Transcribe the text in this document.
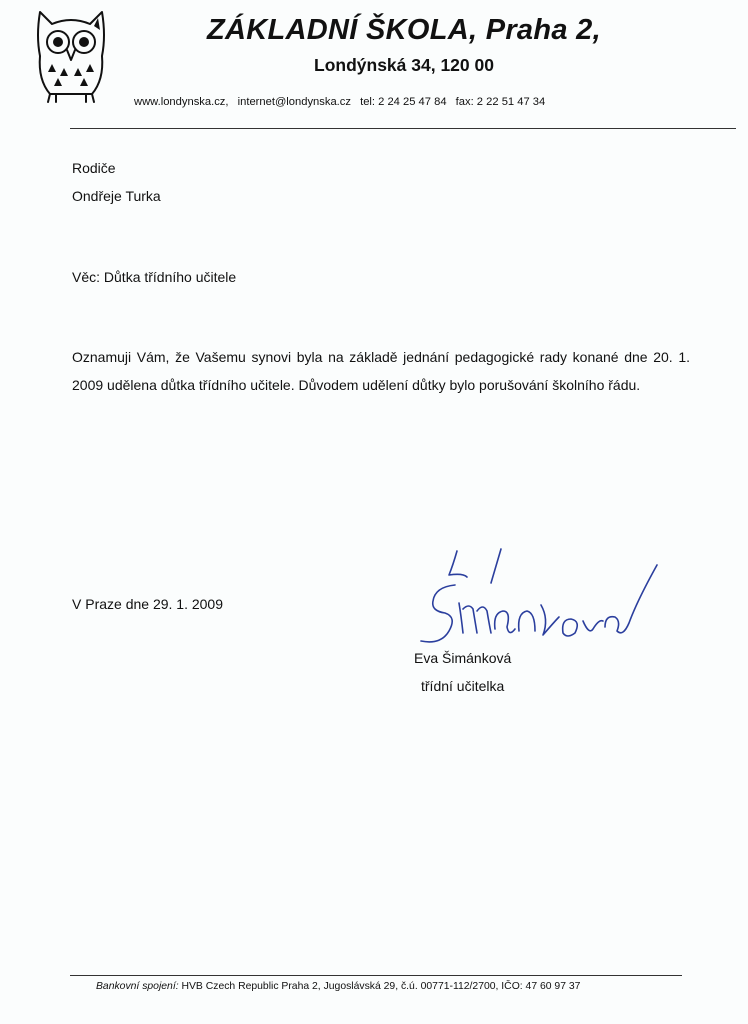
ZÁKLADNÍ ŠKOLA, Praha 2,
Londýnská 34, 120 00
www.londynska.cz, internet@londynska.cz tel: 2 24 25 47 84 fax: 2 22 51 47 34
Rodiče
Ondřeje Turka
Věc: Důtka třídního učitele

Oznamuji Vám, že Vašemu synovi byla na základě jednání pedagogické rady konané dne 20. 1. 2009 udělena důtka třídního učitele. Důvodem udělení důtky bylo porušování školního řádu.

V Praze dne 29. 1. 2009
Eva Šimánková
třídní učitelka
Bankovní spojení: HVB Czech Republic Praha 2, Jugoslávská 29, č.ú. 00771-112/2700, IČO: 47 60 97 37
